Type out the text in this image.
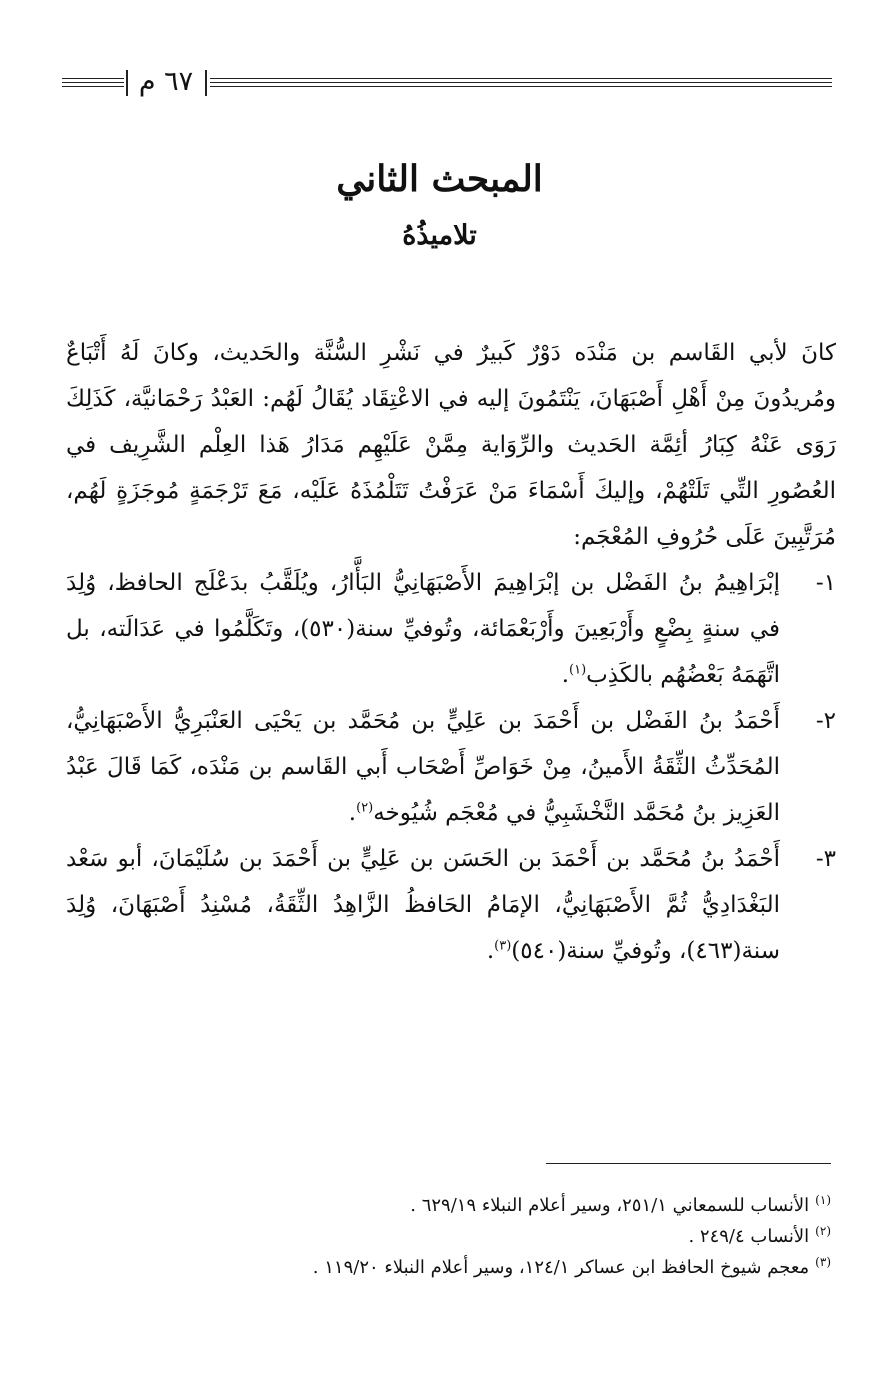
٦٧ م
المبحث الثاني
تلاميذُهُ

كانَ لأبي القَاسم بن مَنْدَه دَوْرٌ كَبيرٌ في نَشْرِ السُّنَّة والحَديث، وكانَ لَهُ أَتْبَاعٌ ومُريدُونَ مِنْ أَهْلِ أَصْبَهَانَ، يَنْتَمُونَ إليه في الاعْتِقَاد يُقَالُ لَهُم: العَبْدُ رَحْمَانيَّة، كَذَلِكَ رَوَى عَنْهُ كِبَارُ أئِمَّة الحَديث والرِّوَاية مِمَّنْ عَلَيْهِم مَدَارُ هَذا العِلْم الشَّرِيف في العُصُورِ التِّي تَلَتْهُمْ، وإليكَ أَسْمَاءَ مَنْ عَرَفْتُ تَتَلْمُذَهُ عَلَيْه، مَعَ تَرْجَمَةٍ مُوجَزَةٍ لَهُم، مُرَتَّبِينَ عَلَى حُرُوفِ المُعْجَم:

١-
إبْرَاهِيمُ بنُ الفَضْل بن إبْرَاهِيمَ الأَصْبَهَانِيُّ البَأَّارُ، ويُلَقَّبُ بدَعْلَج الحافظ، وُلِدَ في سنةٍ بِضْعٍ وأَرْبَعِينَ وأَرْبَعْمَائة، وتُوفيِّ سنة(٥٣٠)، وتَكَلَّمُوا في عَدَالَته، بل اتَّهَمَهُ بَعْضُهُم بالكَذِب$^{(١)}$.
٢-
أَحْمَدُ بنُ الفَضْل بن أَحْمَدَ بن عَلِيٍّ بن مُحَمَّد بن يَحْيَى العَنْبَرِيُّ الأَصْبَهَانِيُّ، المُحَدِّثُ الثِّقَةُ الأَمينُ، مِنْ خَوَاصِّ أَصْحَاب أَبي القَاسم بن مَنْدَه، كَمَا قَالَ عَبْدُ العَزِيز بنُ مُحَمَّد النَّخْشَبِيُّ في مُعْجَم شُيُوخه$^{(٢)}$.
٣-
أَحْمَدُ بنُ مُحَمَّد بن أَحْمَدَ بن الحَسَن بن عَلِيٍّ بن أَحْمَدَ بن سُلَيْمَانَ، أبو سَعْد البَغْدَادِيُّ ثُمَّ الأَصْبَهَانِيُّ، الإمَامُ الحَافظُ الزَّاهِدُ الثِّقَةُ، مُسْنِدُ أَصْبَهَانَ، وُلِدَ سنة(٤٦٣)، وتُوفيِّ سنة(٥٤٠)$^{(٣)}$.

$^{(١)}$الأنساب للسمعاني ٢٥١/١، وسير أعلام النبلاء ٦٢٩/١٩ .

$^{(٢)}$الأنساب ٢٤٩/٤ .

$^{(٣)}$معجم شيوخ الحافظ ابن عساكر ١٢٤/١، وسير أعلام النبلاء ١١٩/٢٠ .
